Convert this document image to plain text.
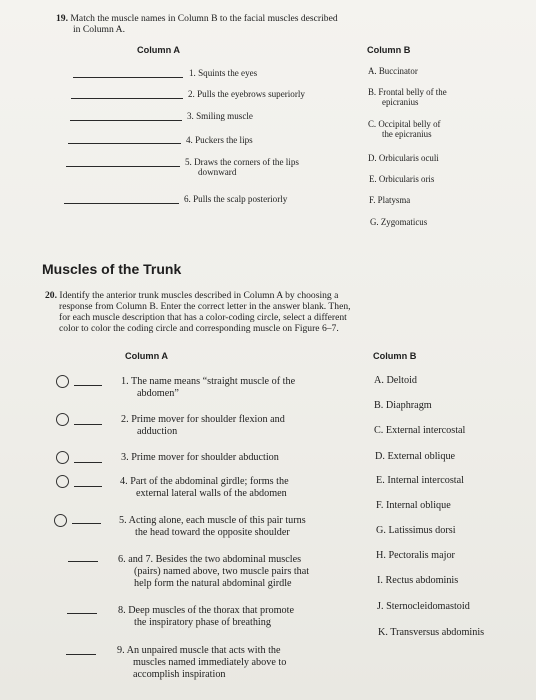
19. Match the muscle names in Column B to the facial muscles described
in Column A.
Column A	Column B
1. Squints the eyes
2. Pulls the eyebrows superiorly
3. Smiling muscle
4. Puckers the lips
5. Draws the corners of the lips
downward
6. Pulls the scalp posteriorly
A. Buccinator
B. Frontal belly of the
epicranius
C. Occipital belly of
the epicranius
D. Orbicularis oculi
E. Orbicularis oris
F. Platysma
G. Zygomaticus
Muscles of the Trunk
20. Identify the anterior trunk muscles described in Column A by choosing a
response from Column B. Enter the correct letter in the answer blank. Then,
for each muscle description that has a color-coding circle, select a different
color to color the coding circle and corresponding muscle on Figure 6–7.
Column A	Column B
1. The name means “straight muscle of the
abdomen”
2. Prime mover for shoulder flexion and
adduction
3. Prime mover for shoulder abduction
4. Part of the abdominal girdle; forms the
external lateral walls of the abdomen
5. Acting alone, each muscle of this pair turns
the head toward the opposite shoulder
6. and 7. Besides the two abdominal muscles
(pairs) named above, two muscle pairs that
help form the natural abdominal girdle
8. Deep muscles of the thorax that promote
the inspiratory phase of breathing
9. An unpaired muscle that acts with the
muscles named immediately above to
accomplish inspiration
A. Deltoid
B. Diaphragm
C. External intercostal
D. External oblique
E. Internal intercostal
F. Internal oblique
G. Latissimus dorsi
H. Pectoralis major
I. Rectus abdominis
J. Sternocleidomastoid
K. Transversus abdominis
